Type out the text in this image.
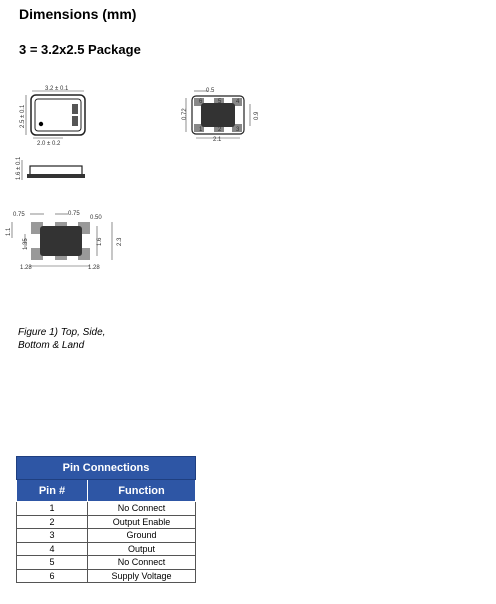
Dimensions (mm)
3 = 3.2x2.5 Package
3.2 ± 0.1
2.5 ± 0.1
2.0 ± 0.2
1.6 ± 0.1
0.5
6	5 4
1	2 3
0.72	0.9
2.1
0.75	0.75
0.50
1.1
1.35	1.6 2.3
1.28	1.28
Figure 1) Top, Side,
Bottom & Land
Pin Connections	
Pin #	Function
1	No Connect
2	Output Enable
3	Ground
4	Output
5	No Connect
6	Supply Voltage
